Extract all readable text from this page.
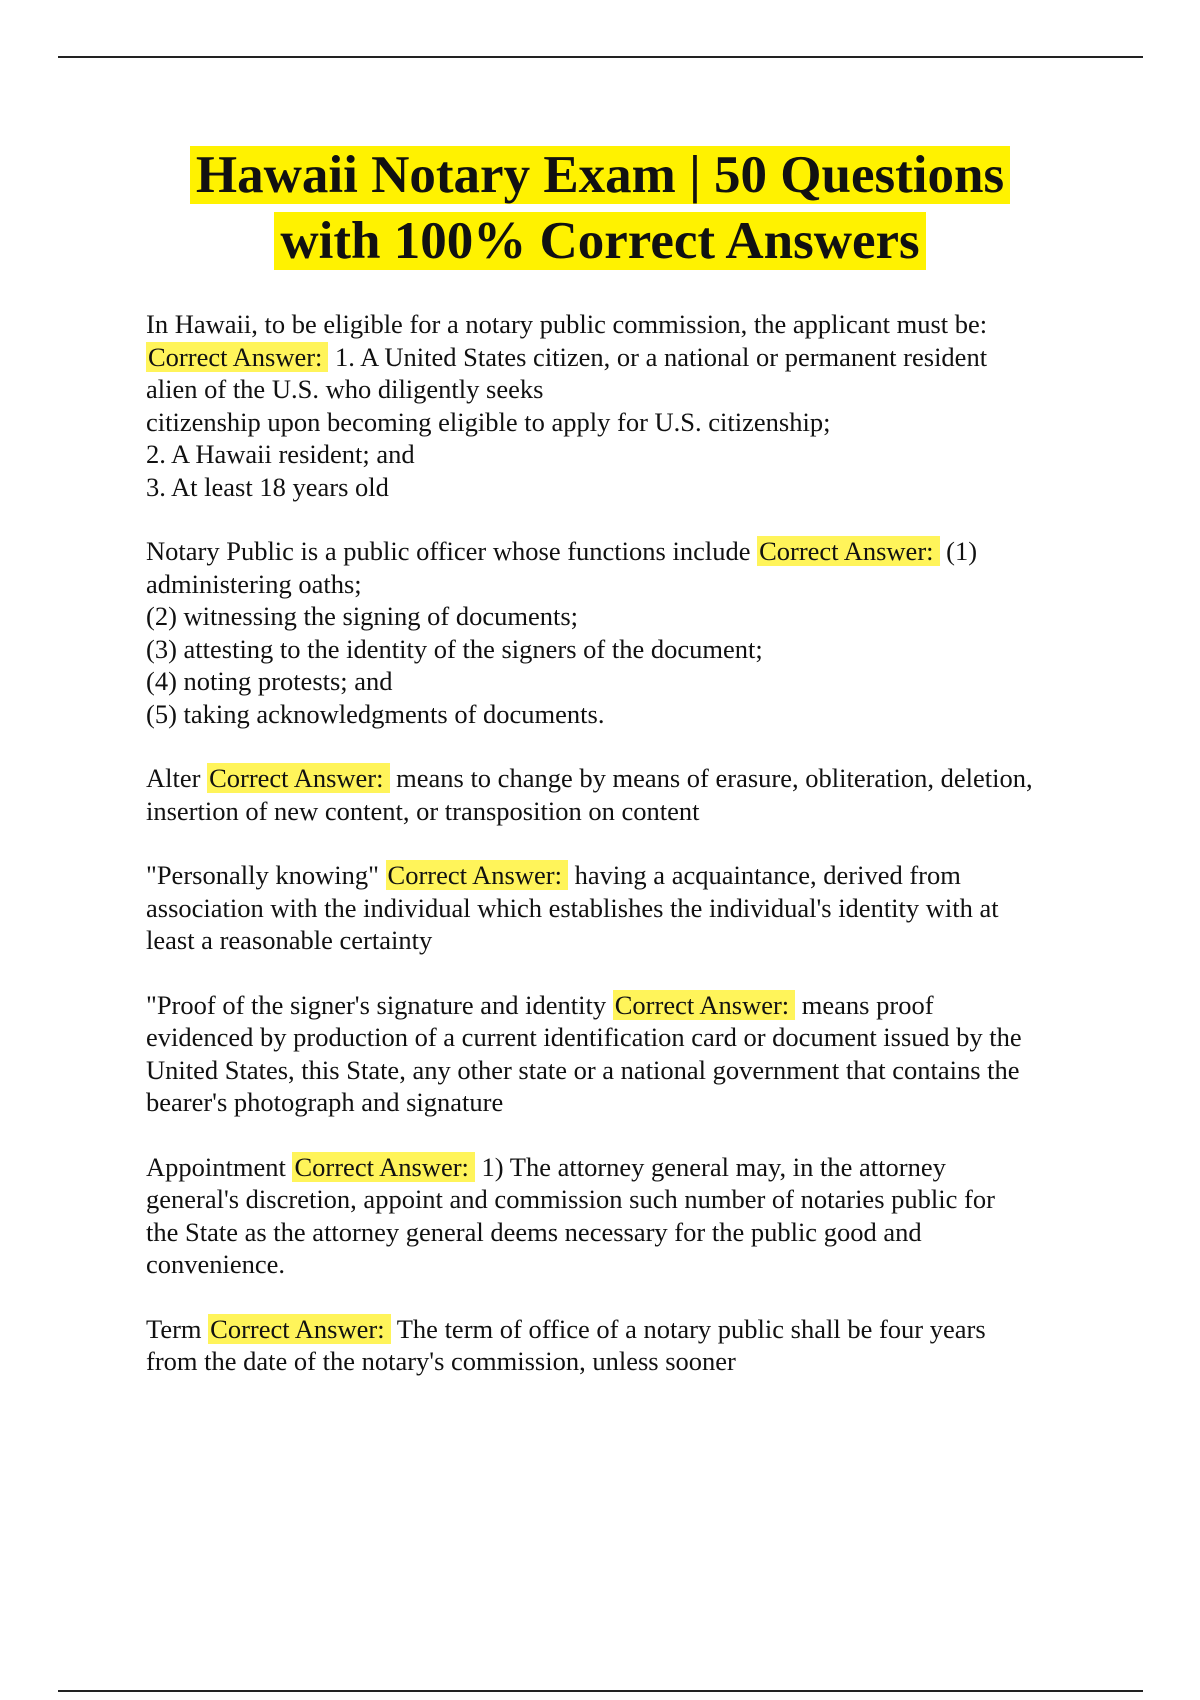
Hawaii Notary Exam | 50 Questions
with 100% Correct Answers
In Hawaii, to be eligible for a notary public commission, the applicant must be:
Correct Answer: 1. A United States citizen, or a national or permanent resident
alien of the U.S. who diligently seeks
citizenship upon becoming eligible to apply for U.S. citizenship;
2. A Hawaii resident; and
3. At least 18 years old
Notary Public is a public officer whose functions include Correct Answer: (1)
administering oaths;
(2) witnessing the signing of documents;
(3) attesting to the identity of the signers of the document;
(4) noting protests; and
(5) taking acknowledgments of documents.
Alter Correct Answer: means to change by means of erasure, obliteration, deletion,
insertion of new content, or transposition on content
"Personally knowing" Correct Answer: having a acquaintance, derived from
association with the individual which establishes the individual's identity with at
least a reasonable certainty
"Proof of the signer's signature and identity Correct Answer: means proof
evidenced by production of a current identification card or document issued by the
United States, this State, any other state or a national government that contains the
bearer's photograph and signature
Appointment Correct Answer: 1) The attorney general may, in the attorney
general's discretion, appoint and commission such number of notaries public for
the State as the attorney general deems necessary for the public good and
convenience.
Term Correct Answer: The term of office of a notary public shall be four years
from the date of the notary's commission, unless sooner
